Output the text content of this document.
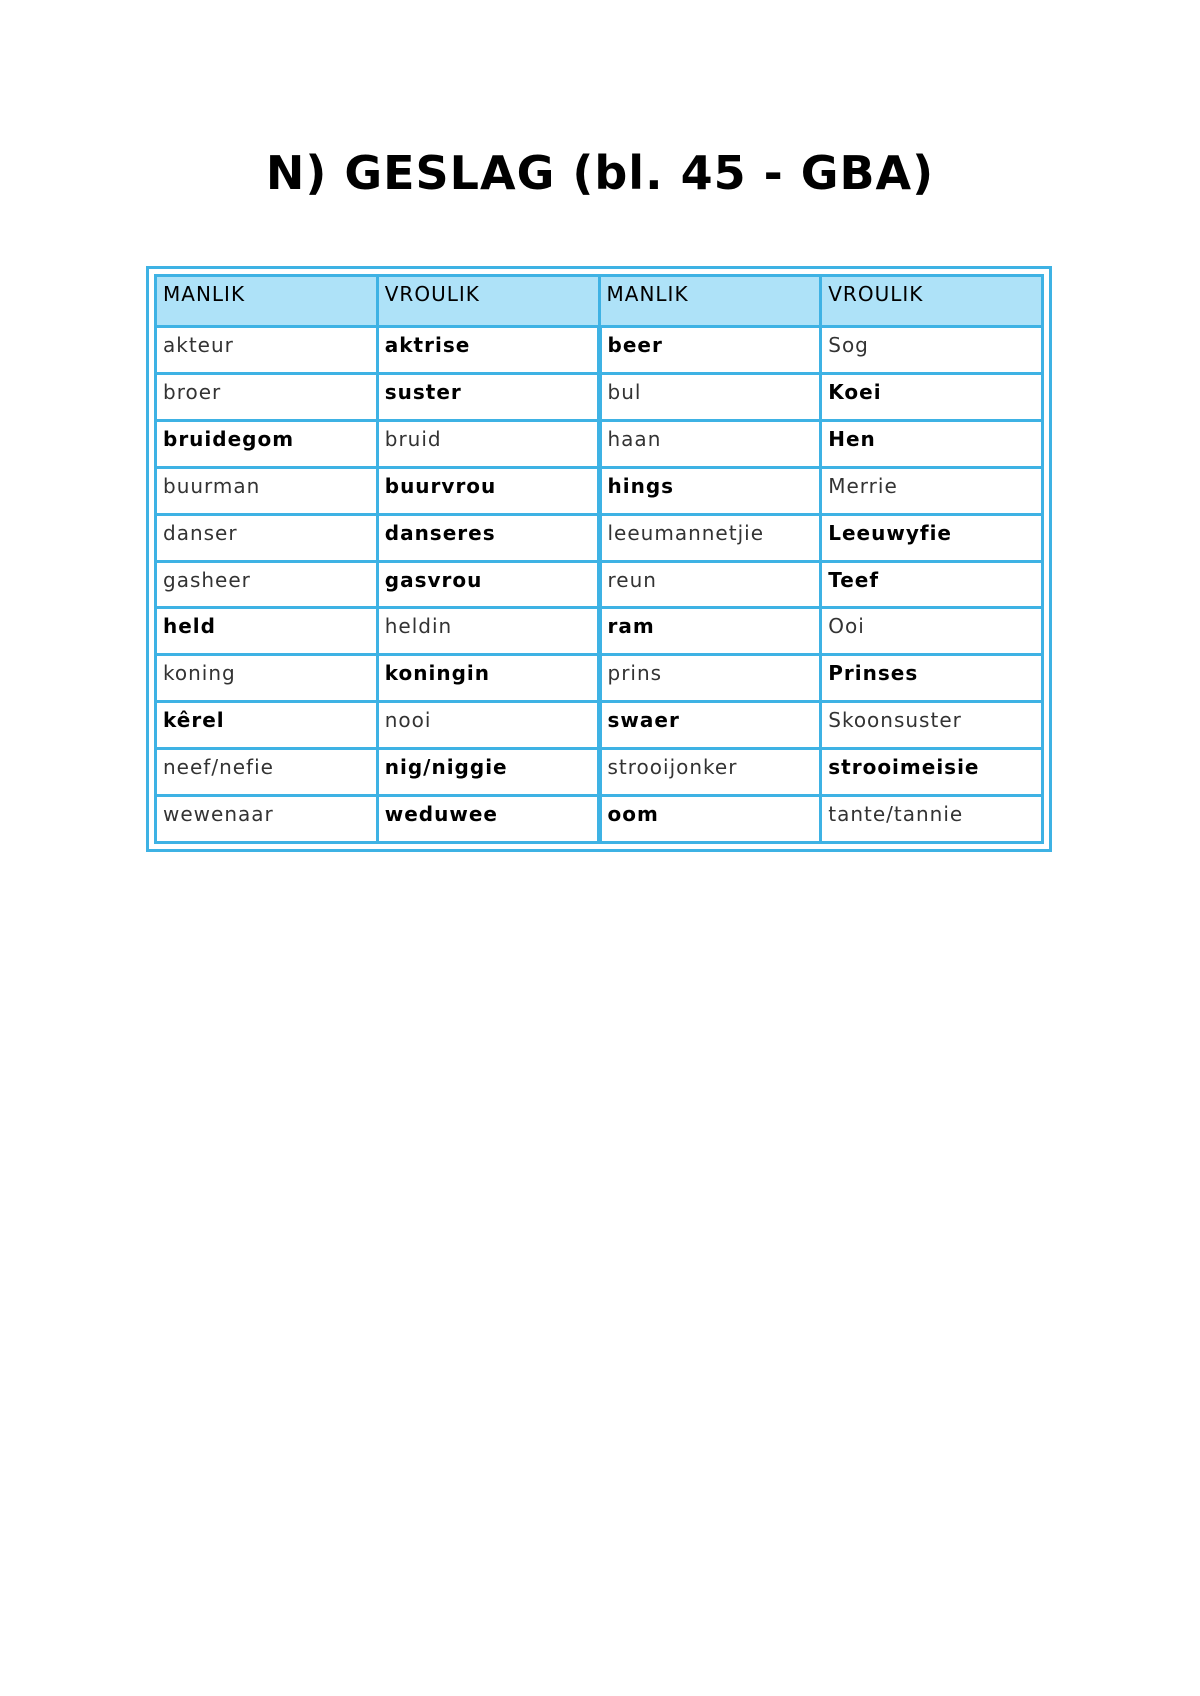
N) GESLAG (bl. 45 - GBA)
MANLIK	VROULIK	MANLIK	VROULIK
akteur	aktrise	beer	Sog
broer	suster	bul	Koei
bruidegom	bruid	haan	Hen
buurman	buurvrou	hings	Merrie
danser	danseres	leeumannetjie	Leeuwyfie
gasheer	gasvrou	reun	Teef
held	heldin	ram	Ooi
koning	koningin	prins	Prinses
kêrel	nooi	swaer	Skoonsuster
neef/nefie	nig/niggie	strooijonker	strooimeisie
wewenaar	weduwee	oom	tante/tannie
